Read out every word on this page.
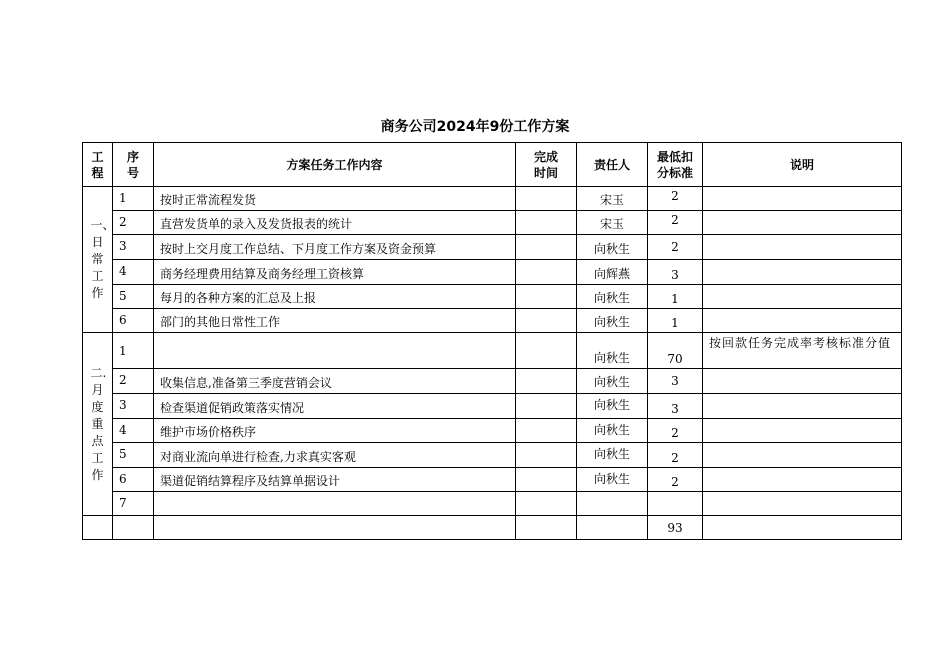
商务公司2024年9份工作方案
工程	序号	方案任务工作内容	完成时间	责任人	最低扣分标准	说明

一、日常工作	1	按时正常流程发货		宋玉	2	
	2	直营发货单的录入及发货报表的统计		宋玉	2	
	3	按时上交月度工作总结、下月度工作方案及资金预算		向秋生	2	
	4	商务经理费用结算及商务经理工资核算		向辉燕	3	
	5	每月的各种方案的汇总及上报		向秋生	1	
	6	部门的其他日常性工作		向秋生	1	

二.月度重点工作	1			向秋生	70	按回款任务完成率考核标准分值
	2	收集信息,准备第三季度营销会议		向秋生	3	
	3	检查渠道促销政策落实情况		向秋生	3	
	4	维护市场价格秩序		向秋生	2	
	5	对商业流向单进行检查,力求真实客观		向秋生	2	
	6	渠道促销结算程序及结算单据设计		向秋生	2	
	7					
					93	
